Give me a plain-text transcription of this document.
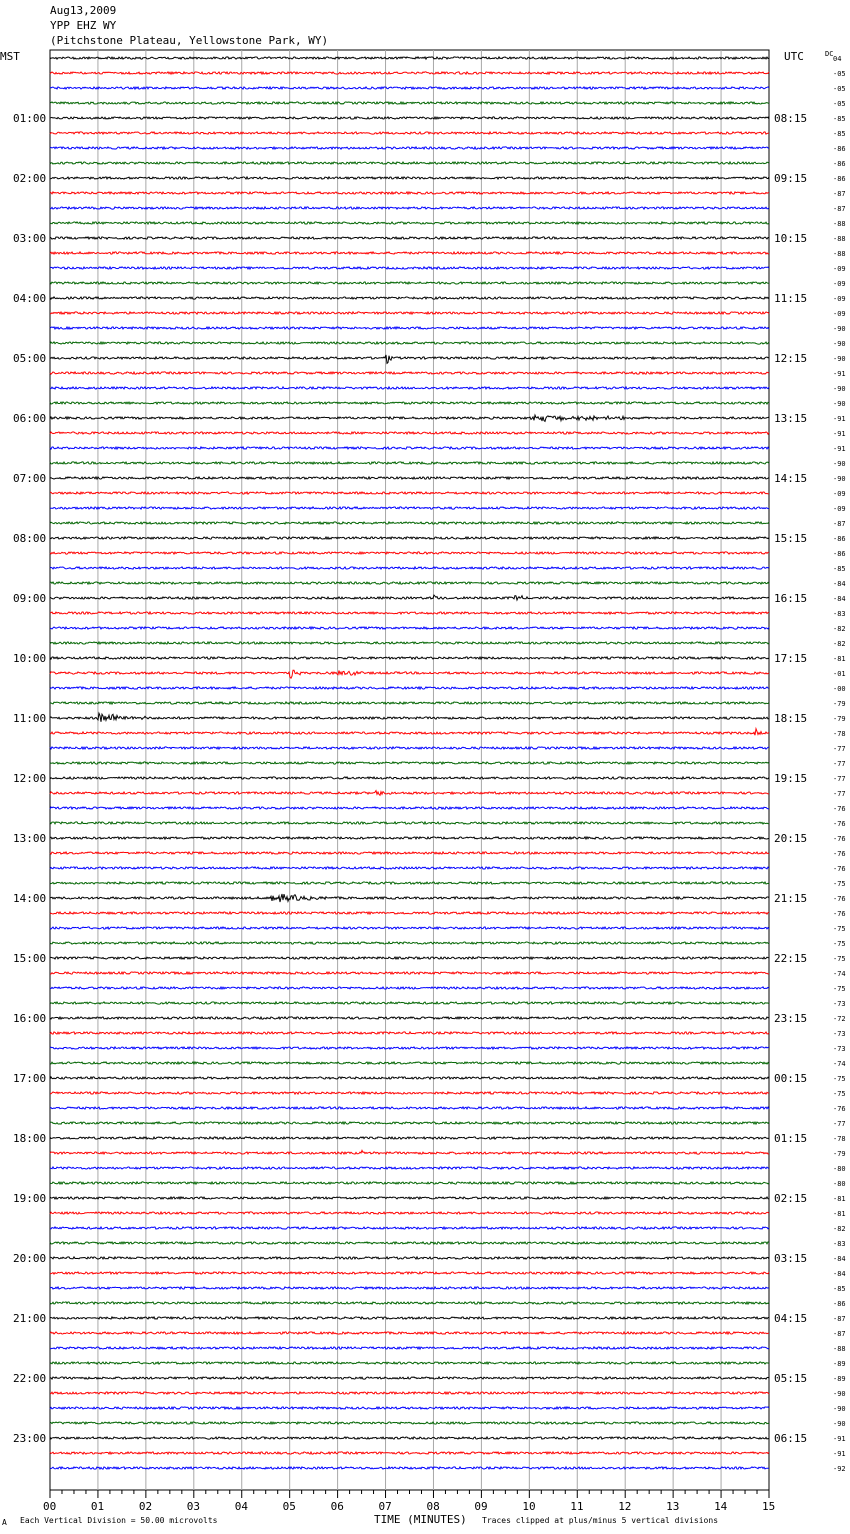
Aug13,2009
YPP EHZ WY
(Pitchstone Plateau, Yellowstone Park, WY)
00	01	02	03	04	05	06	07	08	09	10	11	12	13	14	15
04
-05
-05
-05
-85
-85
-86
-86
-86
-87
-87
-88
-88
-88
-09
-09
-09
-09
-90
-90
-90
-91
-90
-90
-91
-91
-91
-90
-90
-09
-09
-87
-86
-86
-85
-84
-84
-83
-82
-82
-81
-01
-00
-79
-79
-78
-77
-77
-77
-77
-76
-76
-76
-76
-76
-75
-76
-76
-75
-75
-75
-74
-75
-73
-72
-73
-73
-74
-75
-75
-76
-77
-78
-79
-80
-80
-81
-81
-82
-83
-84
-84
-85
-86
-87
-87
-88
-89
-89
-90
-90
-90
-91
-91
-92
01:00
02:00
03:00
04:00
05:00
06:00
07:00
08:00
09:00
10:00
11:00
12:00
13:00
14:00
15:00
16:00
17:00
18:00
19:00
20:00
21:00
22:00
23:00
08:15
09:15
10:15
11:15
12:15
13:15
14:15
15:15
16:15
17:15
18:15
19:15
20:15
21:15
22:15
23:15
00:15
01:15
02:15
03:15
04:15
05:15
06:15
MST	UTC	DC
TIME (MINUTES)
A Each Vertical Division = 50.00 microvolts	Traces clipped at plus/minus 5 vertical divisions
